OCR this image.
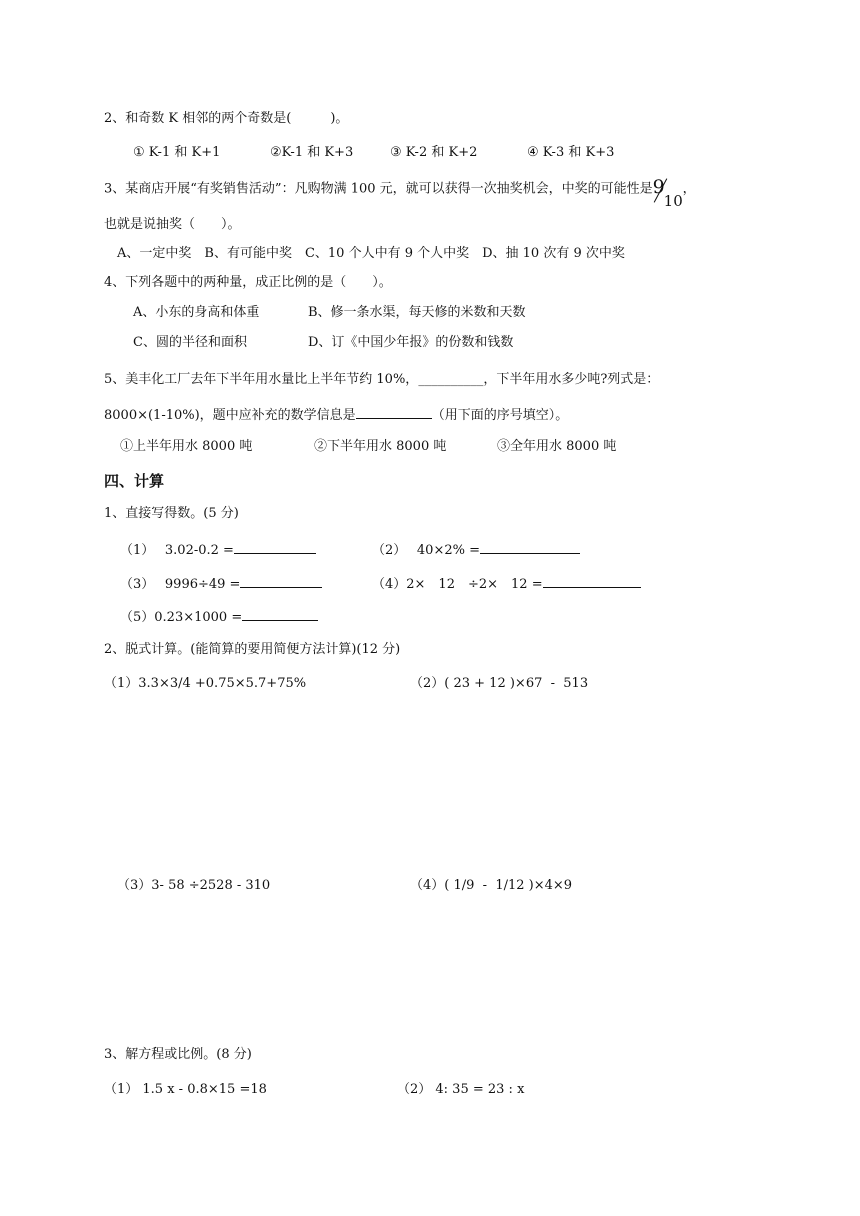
2、和奇数 K 相邻的两个奇数是(　　　)。
① K-1 和 K+1	②K-1 和 K+3	③ K-2 和 K+2	④ K-3 和 K+3
3、某商店开展“有奖销售活动”：凡购物满 100 元，就可以获得一次抽奖机会，中奖的可能性是 9
10
，
也就是说抽奖（　　）。
A、一定中奖　B、有可能中奖　C、10 个人中有 9 个人中奖　D、抽 10 次有 9 次中奖
4、下列各题中的两种量，成正比例的是（　　）。
A、小东的身高和体重	B、修一条水渠，每天修的米数和天数
C、圆的半径和面积	D、订《中国少年报》的份数和钱数
5、美丰化工厂去年下半年用水量比上半年节约 10%，__________，下半年用水多少吨?列式是：
8000×(1-10%)，题中应补充的数学信息是	（用下面的序号填空）。
①上半年用水 8000 吨	②下半年用水 8000 吨	③全年用水 8000 吨
四、计算
1、直接写得数。(5 分)
（1）　 3.02-0.2 =	（2）　 40×2% =
（3）　 9996÷49 =	（4）2×　12　÷2×　12 =
（5）0.23×1000 =
2、脱式计算。(能简算的要用简便方法计算)(12 分)
（1）3.3×3/4 +0.75×5.7+75%	（2）( 23 + 12 )×67  -  513
（3）3- 58 ÷2528 - 310	（4）( 1/9  -  1/12 )×4×9
3、解方程或比例。(8 分)
（1） 1.5 x - 0.8×15 =18	（2） 4: 35 = 23 : x
